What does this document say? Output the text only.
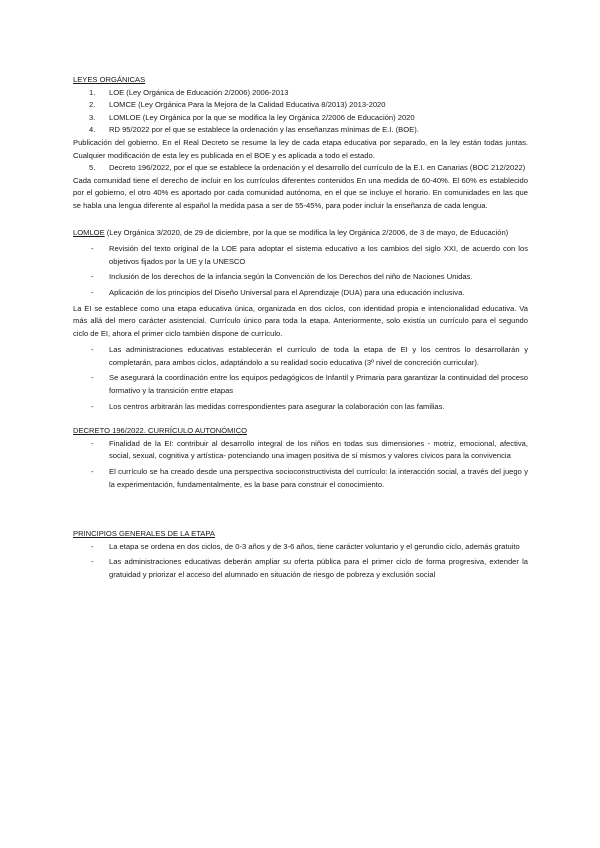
LEYES ORGÁNICAS

1. LOE (Ley Orgánica de Educación 2/2006) 2006-2013
2. LOMCE (Ley Orgánica Para la Mejora de la Calidad Educativa 8/2013) 2013-2020
3. LOMLOE (Ley Orgánica por la que se modifica la ley Orgánica 2/2006 de Educación) 2020
4. RD 95/2022 por el que se establece la ordenación y las enseñanzas mínimas de E.I. (BOE).

Publicación del gobierno. En el Real Decreto se resume la ley de cada etapa educativa por separado, en la ley están todas juntas. Cualquier modificación de esta ley es publicada en el BOE y es aplicada a todo el estado.

5. Decreto 196/2022, por el que se establece la ordenación y el desarrollo del currículo de la E.I. en Canarias (BOC 212/2022)

Cada comunidad tiene el derecho de incluir en los currículos diferentes contenidos En una medida de 60-40%. El 60% es establecido por el gobierno, el otro 40% es aportado por cada comunidad autónoma, en el que se incluye el horario. En comunidades en las que se habla una lengua diferente al español la medida pasa a ser de 55-45%, para poder incluir la enseñanza de cada lengua.

LOMLOE (Ley Orgánica 3/2020, de 29 de diciembre, por la que se modifica la ley Orgánica 2/2006, de 3 de mayo, de Educación)

- Revisión del texto original de la LOE para adoptar el sistema educativo a los cambios del siglo XXI, de acuerdo con los objetivos fijados por la UE y la UNESCO
- Inclusión de los derechos de la infancia según la Convención de los Derechos del niño de Naciones Unidas.
- Aplicación de los principios del Diseño Universal para el Aprendizaje (DUA) para una educación inclusiva.

La EI se establece como una etapa educativa única, organizada en dos ciclos, con identidad propia e intencionalidad educativa. Va más allá del mero carácter asistencial. Currículo único para toda la etapa. Anteriormente, solo existía un currículo para el segundo ciclo de EI, ahora el primer ciclo también dispone de currículo.

- Las administraciones educativas establecerán el currículo de toda la etapa de EI y los centros lo desarrollarán y completarán, para ambos ciclos, adaptándolo a su realidad socio educativa (3º nivel de concreción curricular).
- Se asegurará la coordinación entre los equipos pedagógicos de Infantil y Primaria para garantizar la continuidad del proceso formativo y la transición entre etapas
- Los centros arbitrarán las medidas correspondientes para asegurar la colaboración con las familias.

DECRETO 196/2022. CURRÍCULO AUTONÓMICO

- Finalidad de la EI: contribuir al desarrollo integral de los niños en todas sus dimensiones - motriz, emocional, afectiva, social, sexual, cognitiva y artística- potenciando una imagen positiva de sí mismos y valores cívicos para la convivencia
- El currículo se ha creado desde una perspectiva socioconstructivista del currículo: la interacción social, a través del juego y la experimentación, fundamentalmente, es la base para construir el conocimiento.

PRINCIPIOS GENERALES DE LA ETAPA

- La etapa se ordena en dos ciclos, de 0-3 años y de 3-6 años, tiene carácter voluntario y el gerundio ciclo, además gratuito
- Las administraciones educativas deberán ampliar su oferta pública para el primer ciclo de forma progresiva, extender la gratuidad y priorizar el acceso del alumnado en situación de riesgo de pobreza y exclusión social
